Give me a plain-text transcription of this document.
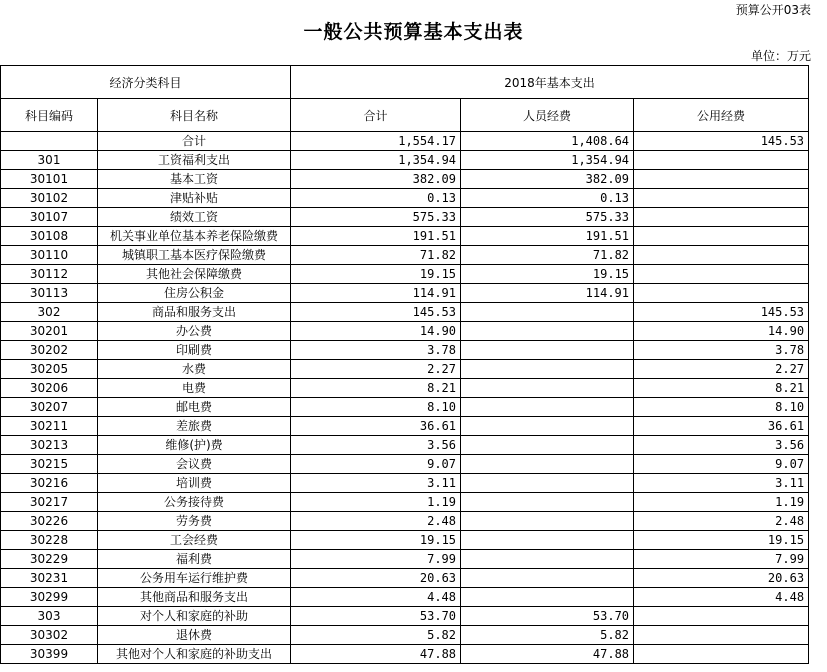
预算公开03表
一般公共预算基本支出表
单位：万元
经济分类科目		2018年基本支出		
科目编码	科目名称	合计	人员经费	公用经费
	合计	1,554.17	1,408.64	145.53
301	工资福利支出	1,354.94	1,354.94	
30101	基本工资	382.09	382.09	
30102	津贴补贴	0.13	0.13	
30107	绩效工资	575.33	575.33	
30108	机关事业单位基本养老保险缴费	191.51	191.51	
30110	城镇职工基本医疗保险缴费	71.82	71.82	
30112	其他社会保障缴费	19.15	19.15	
30113	住房公积金	114.91	114.91	
302	商品和服务支出	145.53		145.53
30201	办公费	14.90		14.90
30202	印刷费	3.78		3.78
30205	水费	2.27		2.27
30206	电费	8.21		8.21
30207	邮电费	8.10		8.10
30211	差旅费	36.61		36.61
30213	维修(护)费	3.56		3.56
30215	会议费	9.07		9.07
30216	培训费	3.11		3.11
30217	公务接待费	1.19		1.19
30226	劳务费	2.48		2.48
30228	工会经费	19.15		19.15
30229	福利费	7.99		7.99
30231	公务用车运行维护费	20.63		20.63
30299	其他商品和服务支出	4.48		4.48
303	对个人和家庭的补助	53.70	53.70	
30302	退休费	5.82	5.82	
30399	其他对个人和家庭的补助支出	47.88	47.88	
